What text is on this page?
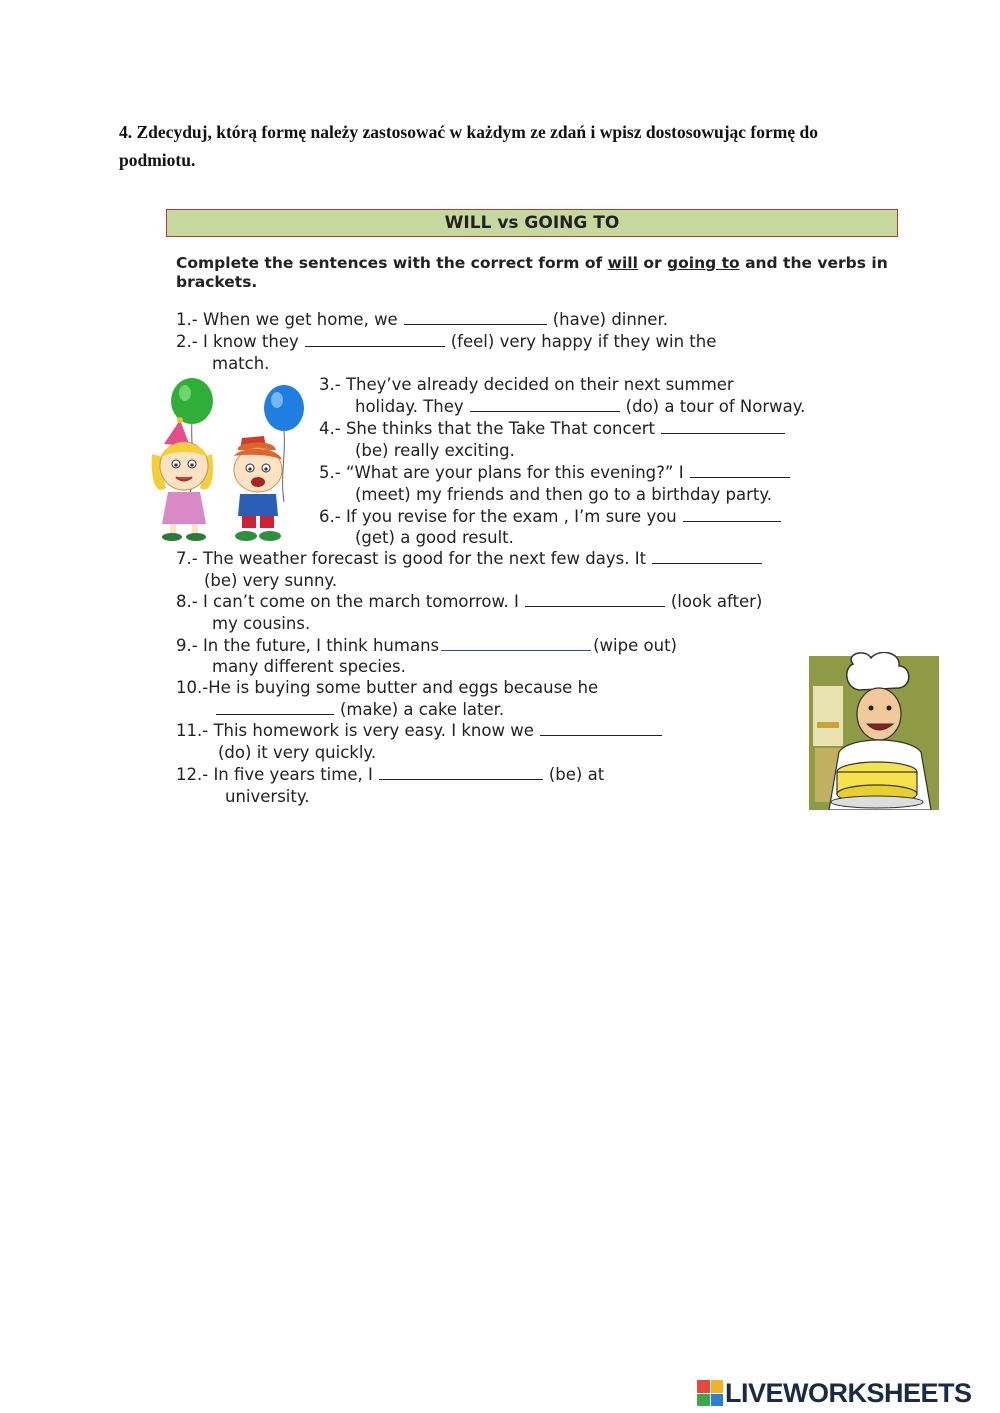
4. Zdecyduj, którą formę należy zastosować w każdym ze zdań i wpisz dostosowując formę do podmiotu.
WILL vs GOING TO
Complete the sentences with the correct form of will or going to and the verbs in brackets.
1.- When we get home, we	(have) dinner.
2.- I know they	(feel) very happy if they win the
match.
3.- They’ve already decided on their next summer
holiday. They	(do) a tour of Norway.
4.- She thinks that the Take That concert
(be) really exciting.
5.- “What are your plans for this evening?” I
(meet) my friends and then go to a birthday party.
6.- If you revise for the exam , I’m sure you
(get) a good result.
7.- The weather forecast is good for the next few days. It
(be) very sunny.
8.- I can’t come on the march tomorrow. I	(look after)
my cousins.
9.- In the future, I think humans	(wipe out)
many different species.
10.-He is buying some butter and eggs because he
(make) a cake later.
11.- This homework is very easy. I know we
(do) it very quickly.
12.- In five years time, I	(be) at
university.
LIVEWORKSHEETS
